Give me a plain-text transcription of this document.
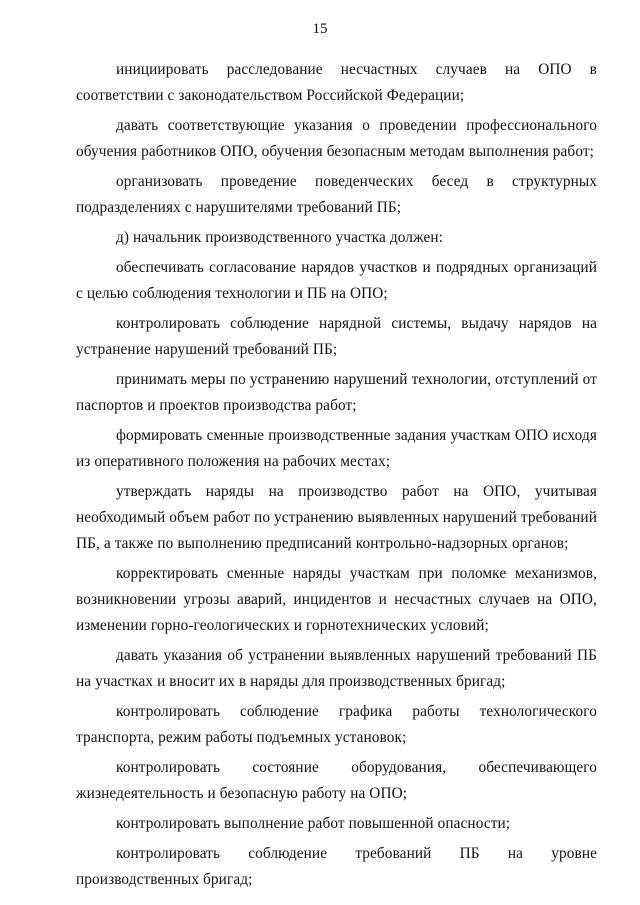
15

инициировать расследование несчастных случаев на ОПО в соответствии с законодательством Российской Федерации;

давать соответствующие указания о проведении профессионального обучения работников ОПО, обучения безопасным методам выполнения работ;

организовать проведение поведенческих бесед в структурных подразделениях с нарушителями требований ПБ;

д) начальник производственного участка должен:

обеспечивать согласование нарядов участков и подрядных организаций с целью соблюдения технологии и ПБ на ОПО;

контролировать соблюдение нарядной системы, выдачу нарядов на устранение нарушений требований ПБ;

принимать меры по устранению нарушений технологии, отступлений от паспортов и проектов производства работ;

формировать сменные производственные задания участкам ОПО исходя из оперативного положения на рабочих местах;

утверждать наряды на производство работ на ОПО, учитывая необходимый объем работ по устранению выявленных нарушений требований ПБ, а также по выполнению предписаний контрольно-надзорных органов;

корректировать сменные наряды участкам при поломке механизмов, возникновении угрозы аварий, инцидентов и несчастных случаев на ОПО, изменении горно-геологических и горнотехнических условий;

давать указания об устранении выявленных нарушений требований ПБ на участках и вносит их в наряды для производственных бригад;

контролировать соблюдение графика работы технологического транспорта, режим работы подъемных установок;

контролировать состояние оборудования, обеспечивающего жизнедеятельность и безопасную работу на ОПО;

контролировать выполнение работ повышенной опасности;

контролировать соблюдение требований ПБ на уровне производственных бригад;
